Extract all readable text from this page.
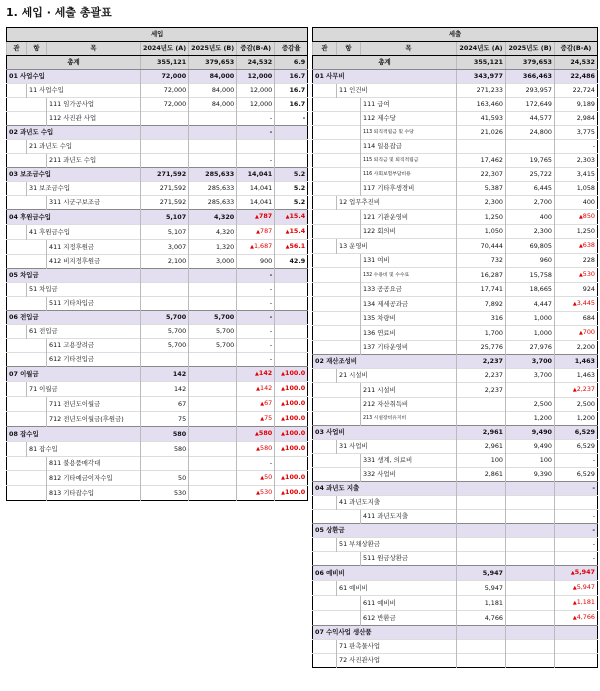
1. 세입 · 세출 총괄표
세입						
관	항	목	2024년도 (A)	2025년도 (B)	증감(B-A)	증감율
총계			355,121	379,653	24,532	6.9
01 사업수입			72,000	84,000	12,000	16.7
	11 사업수입		72,000	84,000	12,000	16.7
		111 임가공사업	72,000	84,000	12,000	16.7
		112 사진관 사업			-	-
02 과년도 수입					-	
	21 과년도 수입					
		211 과년도 수입			-	
03 보조금수입			271,592	285,633	14,041	5.2
	31 보조금수입		271,592	285,633	14,041	5.2
		311 시군구보조금	271,592	285,633	14,041	5.2
04 후원금수입			5,107	4,320	▲787	▲15.4
	41 후원금수입		5,107	4,320	▲787	▲15.4
		411 지정후원금	3,007	1,320	▲1,687	▲56.1
		412 비지정후원금	2,100	3,000	900	42.9
05 차입금					-	
	51 차입금				-	
		511 기타차입금			-	
06 전입금			5,700	5,700	-	
	61 전입금		5,700	5,700	-	
		611 고용장려금	5,700	5,700	-	
		612 기타전입금			-	
07 이월금			142		▲142	▲100.0
	71 이월금		142		▲142	▲100.0
		711 전년도이월금	67		▲67	▲100.0
		712 전년도이월금(후원금)	75		▲75	▲100.0
08 잡수입			580		▲580	▲100.0
	81 잡수입		580		▲580	▲100.0
		811 불용품매각대			-	
		812 기타예금이자수입	50		▲50	▲100.0
		813 기타잡수입	530		▲530	▲100.0
세출					
관	항	목	2024년도 (A)	2025년도 (B)	증감(B-A)
총계			355,121	379,653	24,532
01 사무비			343,977	366,463	22,486
	11 인건비		271,233	293,957	22,724
		111 급여	163,460	172,649	9,189
		112 제수당	41,593	44,577	2,984
		113 퇴직적립금 및 수당	21,026	24,800	3,775
		114 일용잡급			-
		115 퇴직금 및 퇴직적립금	17,462	19,765	2,303
		116 사회보험부담비용	22,307	25,722	3,415
		117 기타후생경비	5,387	6,445	1,058
	12 업무추진비		2,300	2,700	400
		121 기관운영비	1,250	400	▲850
		122 회의비	1,050	2,300	1,250
	13 운영비		70,444	69,805	▲638
		131 여비	732	960	228
		132 수용비 및 수수료	16,287	15,758	▲530
		133 공공요금	17,741	18,665	924
		134 제세공과금	7,892	4,447	▲3,445
		135 차량비	316	1,000	684
		136 연료비	1,700	1,000	▲700
		137 기타운영비	25,776	27,976	2,200
02 재산조성비			2,237	3,700	1,463
	21 시설비		2,237	3,700	1,463
		211 시설비	2,237		▲2,237
		212 자산취득비		2,500	2,500
		213 시설장비유지비		1,200	1,200
03 사업비			2,961	9,490	6,529
	31 사업비		2,961	9,490	6,529
		331 생계, 의료비	100	100	-
		332 사업비	2,861	9,390	6,529
04 과년도 지출					-
	41 과년도지출				
		411 과년도지출			-
05 상환금					-
	51 부채상환금				-
		511 원금상환금			-
06 예비비			5,947		▲5,947
	61 예비비		5,947		▲5,947
		611 예비비	1,181		▲1,181
		612 반환금	4,766		▲4,766
07 수익사업 생산품					
	71 판촉물사업				
	72 사진관사업				
